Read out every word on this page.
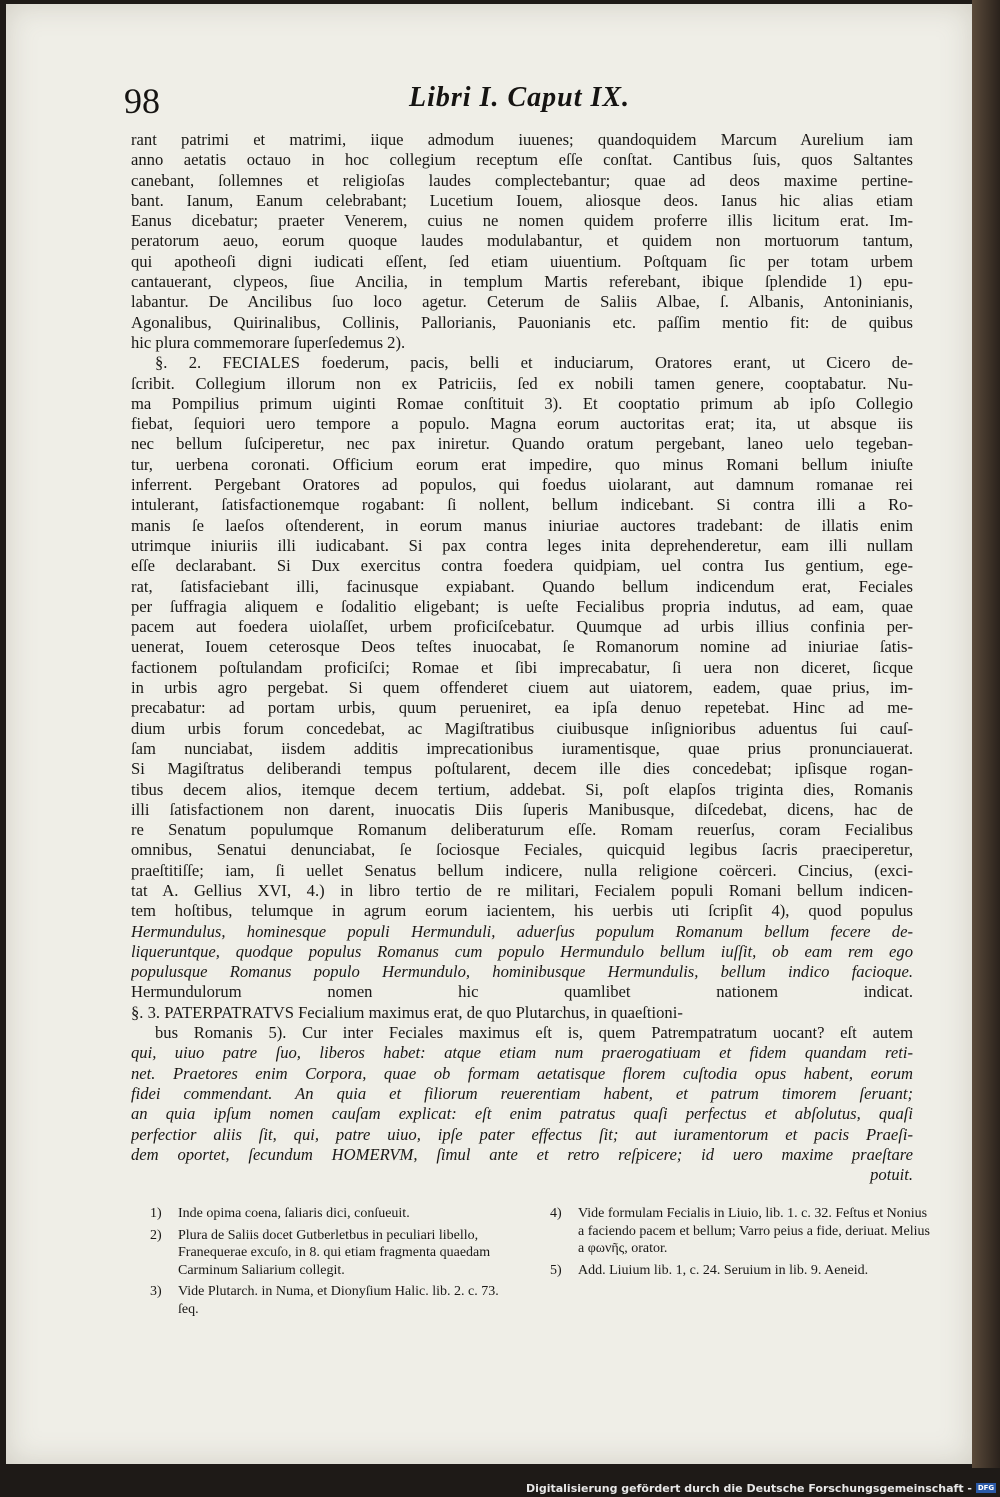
98	Libri I. Caput IX.
rant patrimi et matrimi, iique admodum iuuenes; quandoquidem Marcum Aurelium iam
anno aetatis octauo in hoc collegium receptum eſſe conſtat. Cantibus ſuis, quos Saltantes
canebant, ſollemnes et religioſas laudes complectebantur; quae ad deos maxime pertine-
bant. Ianum, Eanum celebrabant; Lucetium Iouem, aliosque deos. Ianus hic alias etiam
Eanus dicebatur; praeter Venerem, cuius ne nomen quidem proferre illis licitum erat. Im-
peratorum aeuo, eorum quoque laudes modulabantur, et quidem non mortuorum tantum,
qui apotheoſi digni iudicati eſſent, ſed etiam uiuentium. Poſtquam ſic per totam urbem
cantauerant, clypeos, ſiue Ancilia, in templum Martis referebant, ibique ſplendide 1) epu-
labantur. De Ancilibus ſuo loco agetur. Ceterum de Saliis Albae, ſ. Albanis, Antoninianis,
Agonalibus, Quirinalibus, Collinis, Pallorianis, Pauonianis etc. paſſim mentio fit: de quibus
hic plura commemorare ſuperſedemus 2).
§. 2. FECIALES foederum, pacis, belli et induciarum, Oratores erant, ut Cicero de-
ſcribit. Collegium illorum non ex Patriciis, ſed ex nobili tamen genere, cooptabatur. Nu-
ma Pompilius primum uiginti Romae conſtituit 3). Et cooptatio primum ab ipſo Collegio
fiebat, ſequiori uero tempore a populo. Magna eorum auctoritas erat; ita, ut absque iis
nec bellum ſuſciperetur, nec pax iniretur. Quando oratum pergebant, laneo uelo tegeban-
tur, uerbena coronati. Officium eorum erat impedire, quo minus Romani bellum iniuſte
inferrent. Pergebant Oratores ad populos, qui foedus uiolarant, aut damnum romanae rei
intulerant, ſatisfactionemque rogabant: ſi nollent, bellum indicebant. Si contra illi a Ro-
manis ſe laeſos oſtenderent, in eorum manus iniuriae auctores tradebant: de illatis enim
utrimque iniuriis illi iudicabant. Si pax contra leges inita deprehenderetur, eam illi nullam
eſſe declarabant. Si Dux exercitus contra foedera quidpiam, uel contra Ius gentium, ege-
rat, ſatisfaciebant illi, facinusque expiabant. Quando bellum indicendum erat, Feciales
per ſuffragia aliquem e ſodalitio eligebant; is ueſte Fecialibus propria indutus, ad eam, quae
pacem aut foedera uiolaſſet, urbem proficiſcebatur. Quumque ad urbis illius confinia per-
uenerat, Iouem ceterosque Deos teſtes inuocabat, ſe Romanorum nomine ad iniuriae ſatis-
factionem poſtulandam proficiſci; Romae et ſibi imprecabatur, ſi uera non diceret, ſicque
in urbis agro pergebat. Si quem offenderet ciuem aut uiatorem, eadem, quae prius, im-
precabatur: ad portam urbis, quum perueniret, ea ipſa denuo repetebat. Hinc ad me-
dium urbis forum concedebat, ac Magiſtratibus ciuibusque inſignioribus aduentus ſui cauſ-
ſam nunciabat, iisdem additis imprecationibus iuramentisque, quae prius pronunciauerat.
Si Magiſtratus deliberandi tempus poſtularent, decem ille dies concedebat; ipſisque rogan-
tibus decem alios, itemque decem tertium, addebat. Si, poſt elapſos triginta dies, Romanis
illi ſatisfactionem non darent, inuocatis Diis ſuperis Manibusque, diſcedebat, dicens, hac de
re Senatum populumque Romanum deliberaturum eſſe. Romam reuerſus, coram Fecialibus
omnibus, Senatui denunciabat, ſe ſociosque Feciales, quicquid legibus ſacris praeciperetur,
praeſtitiſſe; iam, ſi uellet Senatus bellum indicere, nulla religione coërceri. Cincius, (exci-
tat A. Gellius XVI, 4.) in libro tertio de re militari, Fecialem populi Romani bellum indicen-
tem hoſtibus, telumque in agrum eorum iacientem, his uerbis uti ſcripſit 4), quod populus
Hermundulus, hominesque populi Hermunduli, aduerſus populum Romanum bellum fecere de-
liqueruntque, quodque populus Romanus cum populo Hermundulo bellum iuſſit, ob eam rem ego
populusque Romanus populo Hermundulo, hominibusque Hermundulis, bellum indico facioque.
Hermundulorum nomen hic quamlibet nationem indicat.
§. 3. PATERPATRATVS Fecialium maximus erat, de quo Plutarchus, in quaeſtioni-
bus Romanis 5). Cur inter Feciales maximus eſt is, quem Patrempatratum uocant? eſt autem
qui, uiuo patre ſuo, liberos habet: atque etiam num praerogatiuam et fidem quandam reti-
net. Praetores enim Corpora, quae ob formam aetatisque florem cuſtodia opus habent, eorum
fidei commendant. An quia et filiorum reuerentiam habent, et patrum timorem ſeruant;
an quia ipſum nomen cauſam explicat: eſt enim patratus quaſi perfectus et abſolutus, quaſi
perfectior aliis ſit, qui, patre uiuo, ipſe pater effectus ſit; aut iuramentorum et pacis Praeſi-
dem oportet, ſecundum HOMERVM, ſimul ante et retro reſpicere; id uero maxime praeſtare
potuit.
1) Inde opima coena, ſaliaris dici, conſueuit.
2) Plura de Saliis docet Gutberletbus in peculiari libello, Franequerae excuſo, in 8. qui etiam fragmenta quaedam Carminum Saliarium collegit.
3) Vide Plutarch. in Numa, et Dionyſium Halic. lib. 2. c. 73. ſeq.
4) Vide formulam Fecialis in Liuio, lib. 1. c. 32. Feſtus et Nonius a faciendo pacem et bellum; Varro peius a fide, deriuat. Melius a φωνῆς, orator.
5) Add. Liuium lib. 1, c. 24. Seruium in lib. 9. Aeneid.
Digitalisierung gefördert durch die Deutsche Forschungsgemeinschaft - DFG
